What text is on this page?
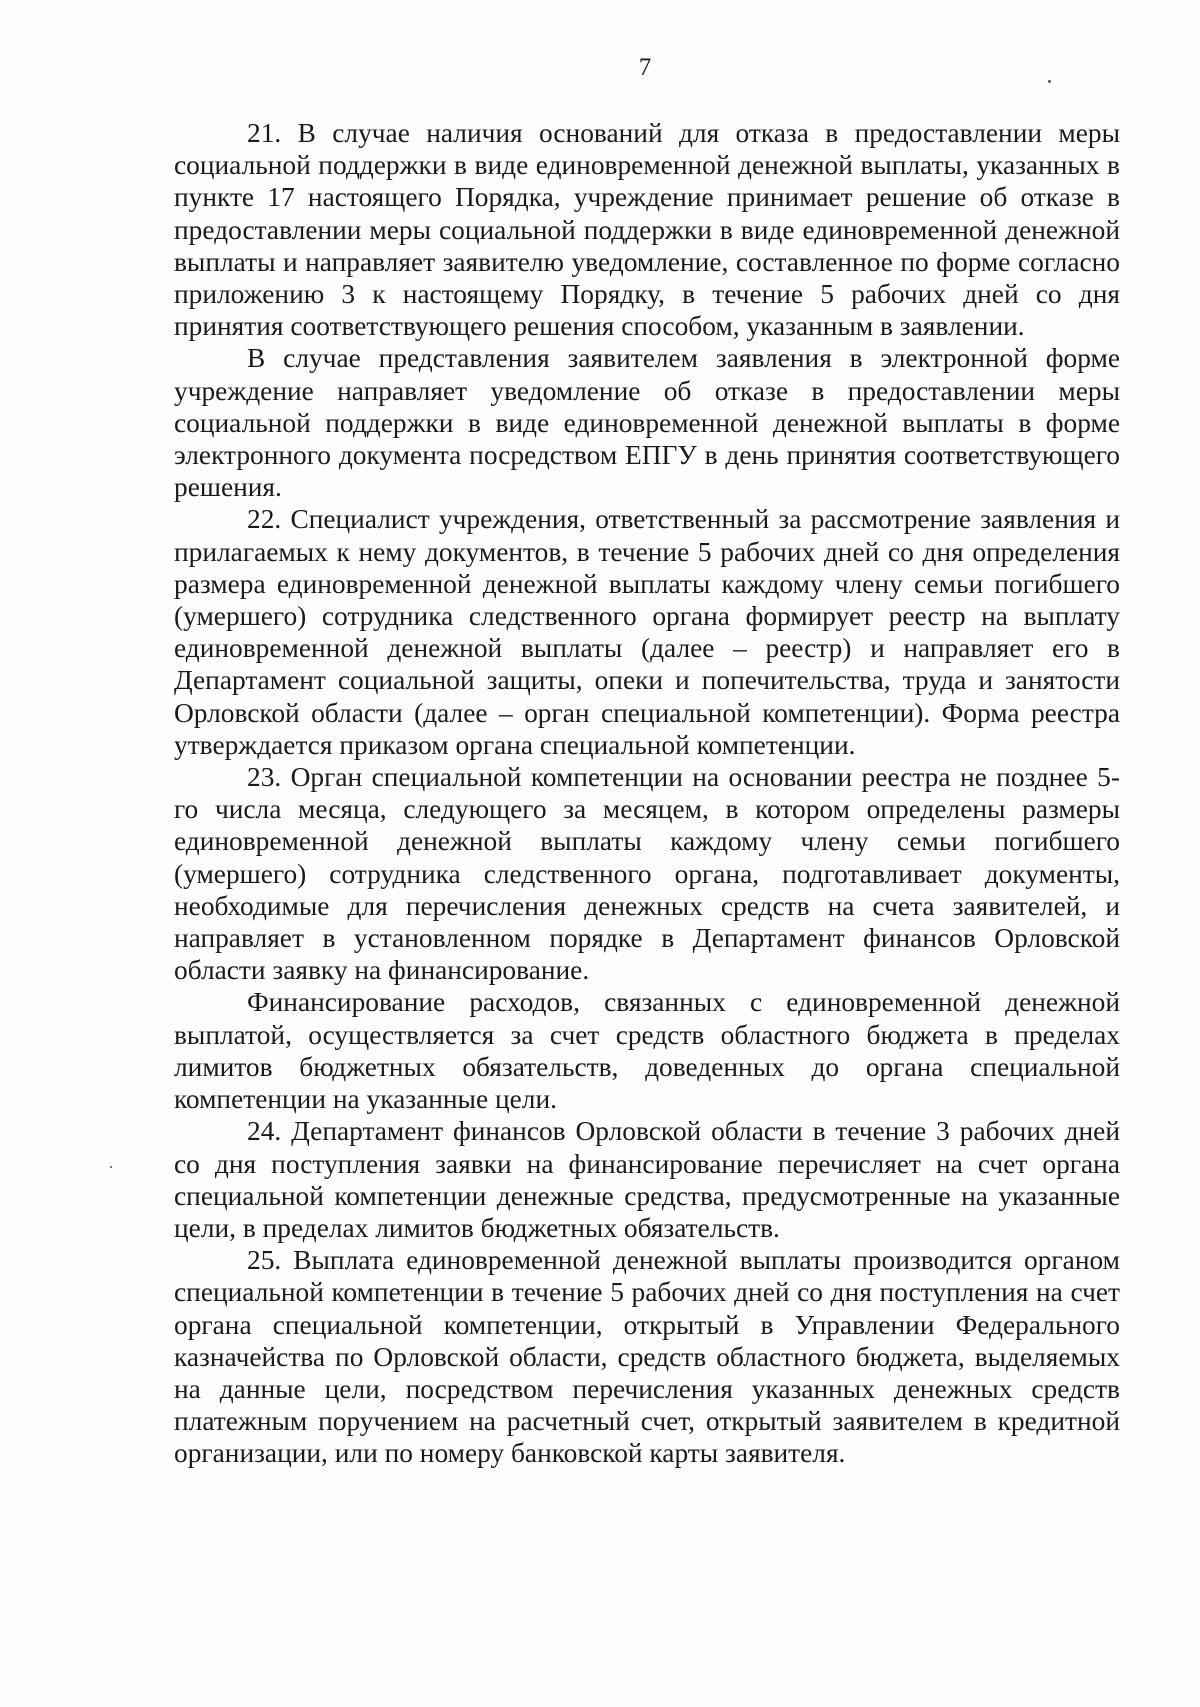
7

21. В случае наличия оснований для отказа в предоставлении меры социальной поддержки в виде единовременной денежной выплаты, указанных в пункте 17 настоящего Порядка, учреждение принимает решение об отказе в предоставлении меры социальной поддержки в виде единовременной денежной выплаты и направляет заявителю уведомление, составленное по форме согласно приложению 3 к настоящему Порядку, в течение 5 рабочих дней со дня принятия соответствующего решения способом, указанным в заявлении.

В случае представления заявителем заявления в электронной форме учреждение направляет уведомление об отказе в предоставлении меры социальной поддержки в виде единовременной денежной выплаты в форме электронного документа посредством ЕПГУ в день принятия соответствующего решения.

22. Специалист учреждения, ответственный за рассмотрение заявления и прилагаемых к нему документов, в течение 5 рабочих дней со дня определения размера единовременной денежной выплаты каждому члену семьи погибшего (умершего) сотрудника следственного органа формирует реестр на выплату единовременной денежной выплаты (далее – реестр) и направляет его в Департамент социальной защиты, опеки и попечительства, труда и занятости Орловской области (далее – орган специальной компетенции). Форма реестра утверждается приказом органа специальной компетенции.

23. Орган специальной компетенции на основании реестра не позднее 5-го числа месяца, следующего за месяцем, в котором определены размеры единовременной денежной выплаты каждому члену семьи погибшего (умершего) сотрудника следственного органа, подготавливает документы, необходимые для перечисления денежных средств на счета заявителей, и направляет в установленном порядке в Департамент финансов Орловской области заявку на финансирование.

Финансирование расходов, связанных с единовременной денежной выплатой, осуществляется за счет средств областного бюджета в пределах лимитов бюджетных обязательств, доведенных до органа специальной компетенции на указанные цели.

24. Департамент финансов Орловской области в течение 3 рабочих дней со дня поступления заявки на финансирование перечисляет на счет органа специальной компетенции денежные средства, предусмотренные на указанные цели, в пределах лимитов бюджетных обязательств.

25. Выплата единовременной денежной выплаты производится органом специальной компетенции в течение 5 рабочих дней со дня поступления на счет органа специальной компетенции, открытый в Управлении Федерального казначейства по Орловской области, средств областного бюджета, выделяемых на данные цели, посредством перечисления указанных денежных средств платежным поручением на расчетный счет, открытый заявителем в кредитной организации, или по номеру банковской карты заявителя.
